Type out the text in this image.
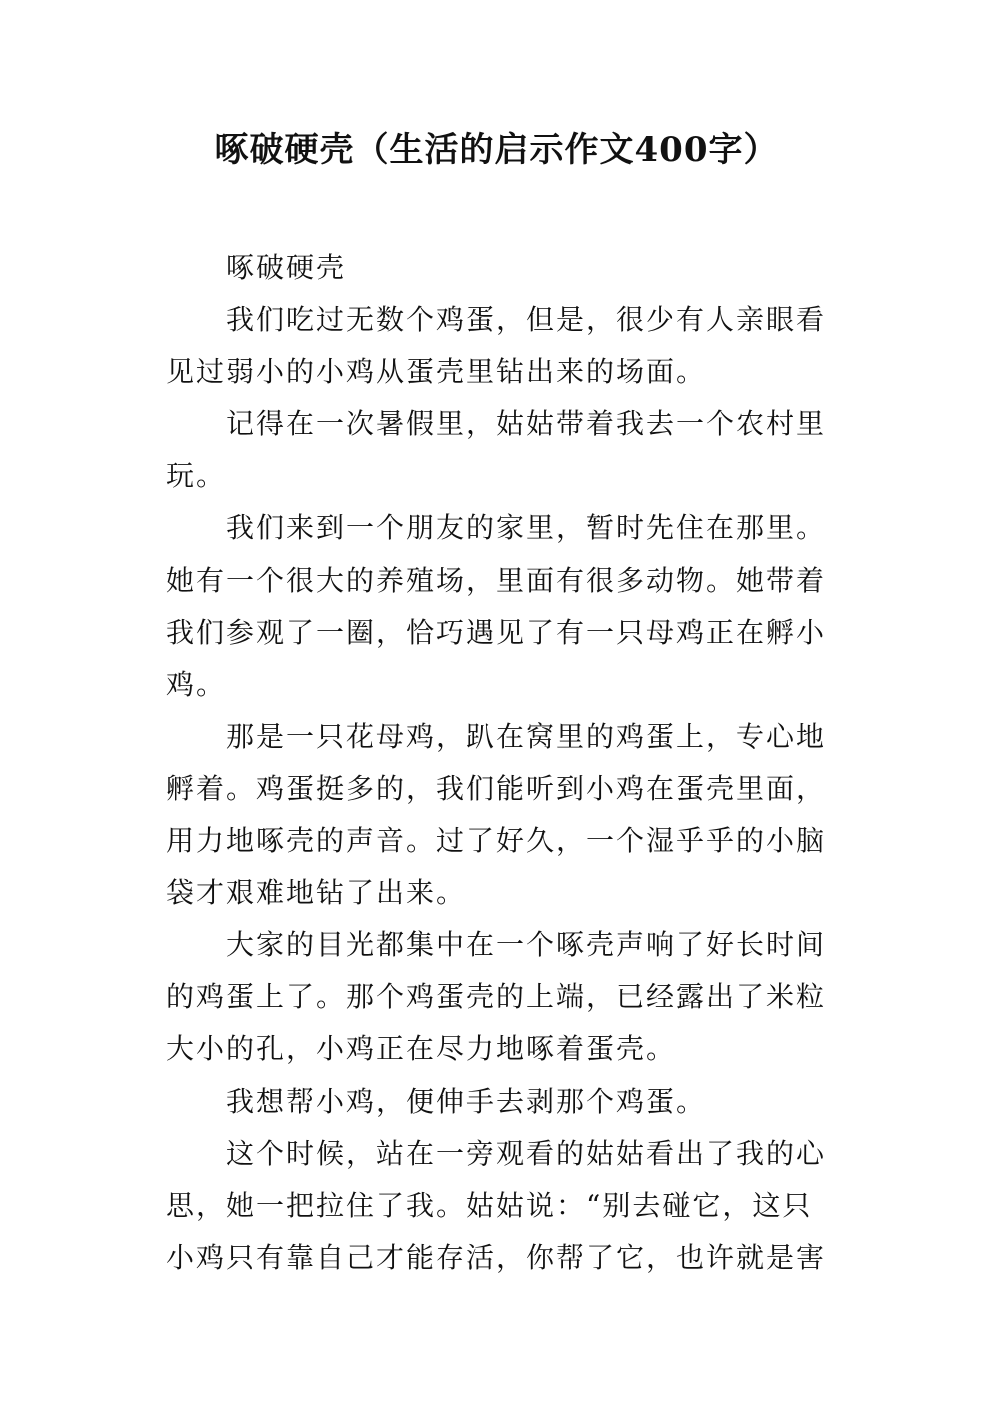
啄破硬壳（生活的启示作文400字）
啄破硬壳
我们吃过无数个鸡蛋，但是，很少有人亲眼看
见过弱小的小鸡从蛋壳里钻出来的场面。
记得在一次暑假里，姑姑带着我去一个农村里
玩。
我们来到一个朋友的家里，暂时先住在那里。
她有一个很大的养殖场，里面有很多动物。她带着
我们参观了一圈，恰巧遇见了有一只母鸡正在孵小
鸡。
那是一只花母鸡，趴在窝里的鸡蛋上，专心地
孵着。鸡蛋挺多的，我们能听到小鸡在蛋壳里面，
用力地啄壳的声音。过了好久，一个湿乎乎的小脑
袋才艰难地钻了出来。
大家的目光都集中在一个啄壳声响了好长时间
的鸡蛋上了。那个鸡蛋壳的上端，已经露出了米粒
大小的孔，小鸡正在尽力地啄着蛋壳。
我想帮小鸡，便伸手去剥那个鸡蛋。
这个时候，站在一旁观看的姑姑看出了我的心
思，她一把拉住了我。姑姑说：“别去碰它，这只
小鸡只有靠自己才能存活，你帮了它，也许就是害
